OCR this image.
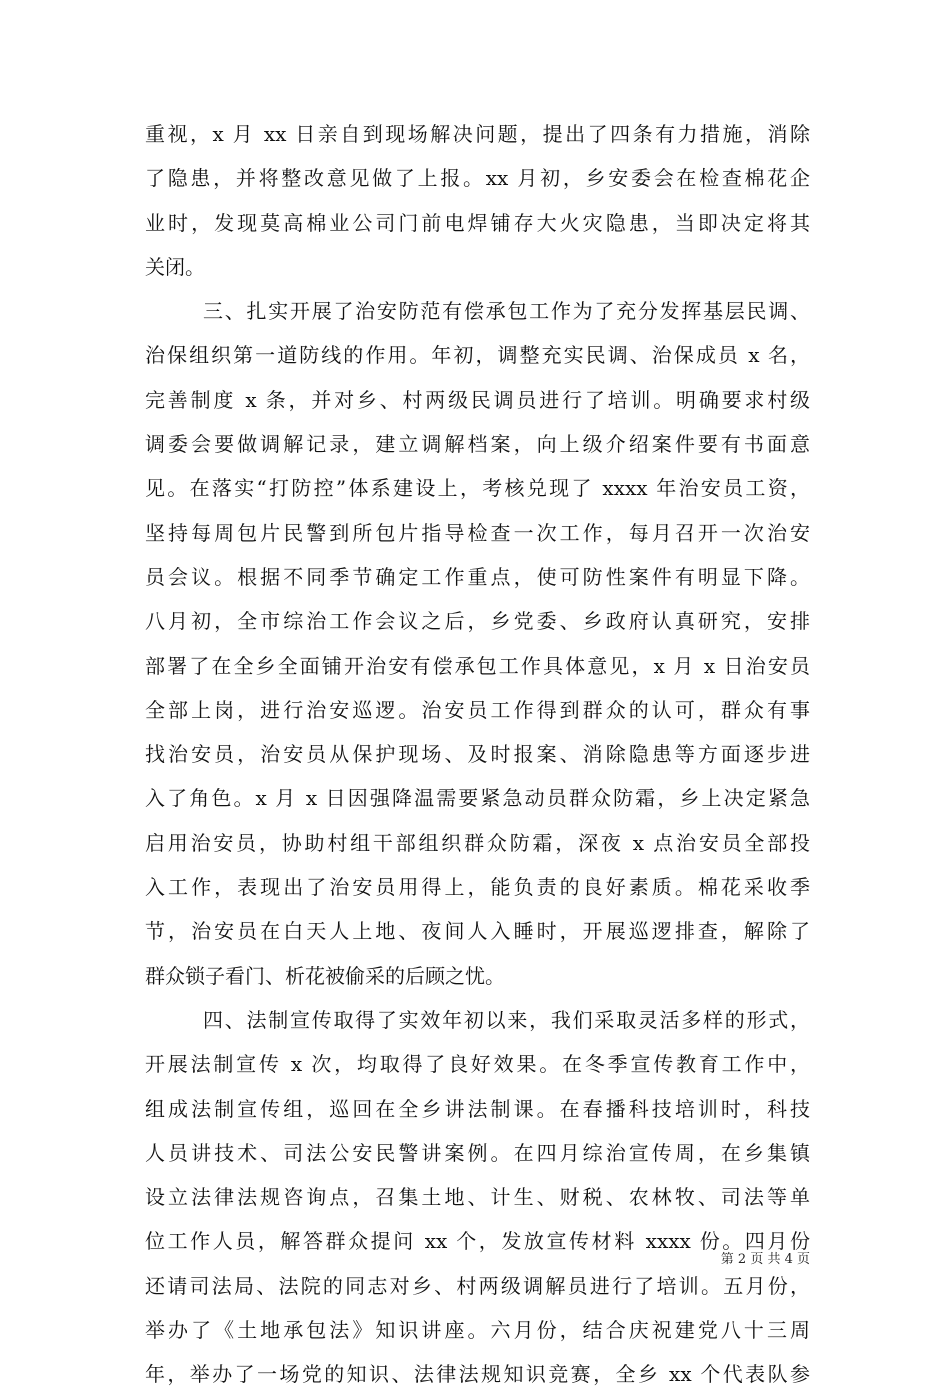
重视，x 月 xx 日亲自到现场解决问题，提出了四条有力措施，消除
了隐患，并将整改意见做了上报。xx 月初，乡安委会在检查棉花企
业时，发现莫高棉业公司门前电焊铺存大火灾隐患，当即决定将其
关闭。
三、扎实开展了治安防范有偿承包工作为了充分发挥基层民调、
治保组织第一道防线的作用。年初，调整充实民调、治保成员 x 名，
完善制度 x 条，并对乡、村两级民调员进行了培训。明确要求村级
调委会要做调解记录，建立调解档案，向上级介绍案件要有书面意
见。在落实“打防控”体系建设上，考核兑现了 xxxx 年治安员工资，
坚持每周包片民警到所包片指导检查一次工作，每月召开一次治安
员会议。根据不同季节确定工作重点，使可防性案件有明显下降。
八月初，全市综治工作会议之后，乡党委、乡政府认真研究，安排
部署了在全乡全面铺开治安有偿承包工作具体意见，x 月 x 日治安员
全部上岗，进行治安巡逻。治安员工作得到群众的认可，群众有事
找治安员，治安员从保护现场、及时报案、消除隐患等方面逐步进
入了角色。x 月 x 日因强降温需要紧急动员群众防霜，乡上决定紧急
启用治安员，协助村组干部组织群众防霜，深夜 x 点治安员全部投
入工作，表现出了治安员用得上，能负责的良好素质。棉花采收季
节，治安员在白天人上地、夜间人入睡时，开展巡逻排查，解除了
群众锁子看门、析花被偷采的后顾之忧。
四、法制宣传取得了实效年初以来，我们采取灵活多样的形式，
开展法制宣传 x 次，均取得了良好效果。在冬季宣传教育工作中，
组成法制宣传组，巡回在全乡讲法制课。在春播科技培训时，科技
人员讲技术、司法公安民警讲案例。在四月综治宣传周，在乡集镇
设立法律法规咨询点，召集土地、计生、财税、农林牧、司法等单
位工作人员，解答群众提问 xx 个，发放宣传材料 xxxx 份。四月份
还请司法局、法院的同志对乡、村两级调解员进行了培训。五月份，
举办了《土地承包法》知识讲座。六月份，结合庆祝建党八十三周
年，举办了一场党的知识、法律法规知识竞赛，全乡 xx 个代表队参
第 2 页 共 4 页
